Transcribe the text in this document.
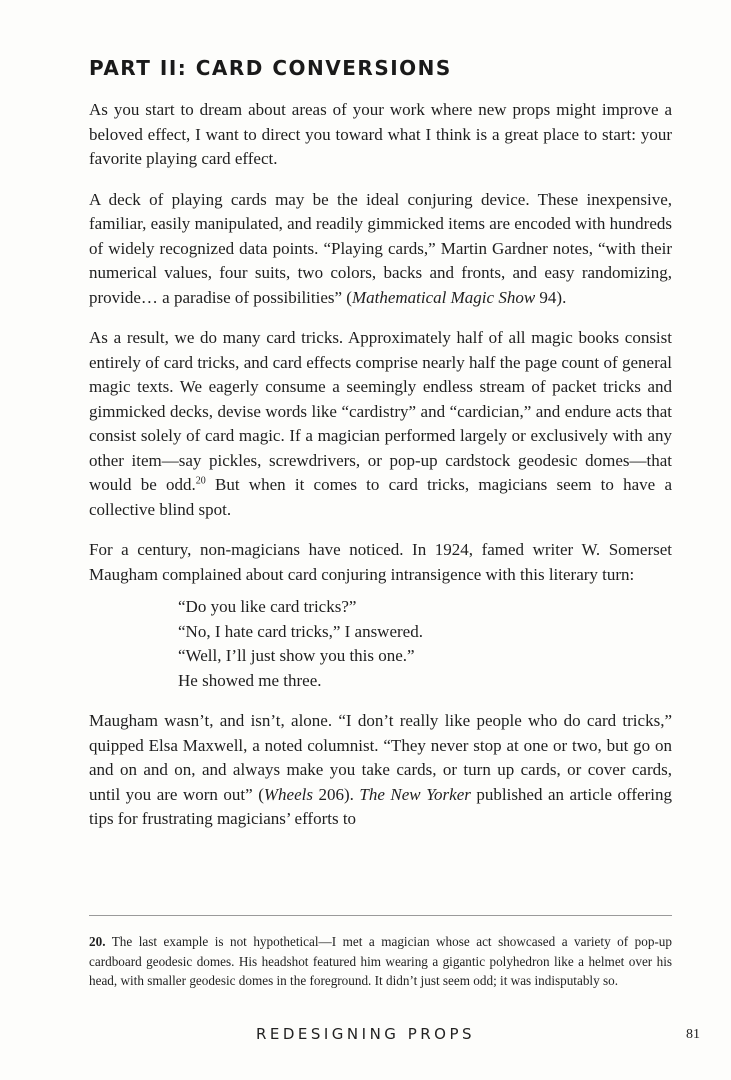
PART II: CARD CONVERSIONS

As you start to dream about areas of your work where new props might improve a beloved effect, I want to direct you toward what I think is a great place to start: your favorite playing card effect.

A deck of playing cards may be the ideal conjuring device. These inexpensive, familiar, easily manipulated, and readily gimmicked items are encoded with hundreds of widely recognized data points. “Playing cards,” Martin Gardner notes, “with their numerical values, four suits, two colors, backs and fronts, and easy randomizing, provide… a paradise of possibilities” (Mathematical Magic Show 94).

As a result, we do many card tricks. Approximately half of all magic books consist entirely of card tricks, and card effects comprise nearly half the page count of general magic texts. We eagerly consume a seemingly endless stream of packet tricks and gimmicked decks, devise words like “cardistry” and “cardician,” and endure acts that consist solely of card magic. If a magician performed largely or exclusively with any other item—say pickles, screwdrivers, or pop-up cardstock geodesic domes—that would be odd.$^{20}$ But when it comes to card tricks, magicians seem to have a collective blind spot.

For a century, non-magicians have noticed. In 1924, famed writer W. Somerset Maugham complained about card conjuring intransigence with this literary turn:

“Do you like card tricks?”
“No, I hate card tricks,” I answered.
“Well, I’ll just show you this one.”
He showed me three.

Maugham wasn’t, and isn’t, alone. “I don’t really like people who do card tricks,” quipped Elsa Maxwell, a noted columnist. “They never stop at one or two, but go on and on and on, and always make you take cards, or turn up cards, or cover cards, until you are worn out” (Wheels 206). The New Yorker published an article offering tips for frustrating magicians’ efforts to

20. The last example is not hypothetical—I met a magician whose act showcased a variety of pop-up cardboard geodesic domes. His headshot featured him wearing a gigantic polyhedron like a helmet over his head, with smaller geodesic domes in the foreground. It didn’t just seem odd; it was indisputably so.

REDESIGNING PROPS	81
